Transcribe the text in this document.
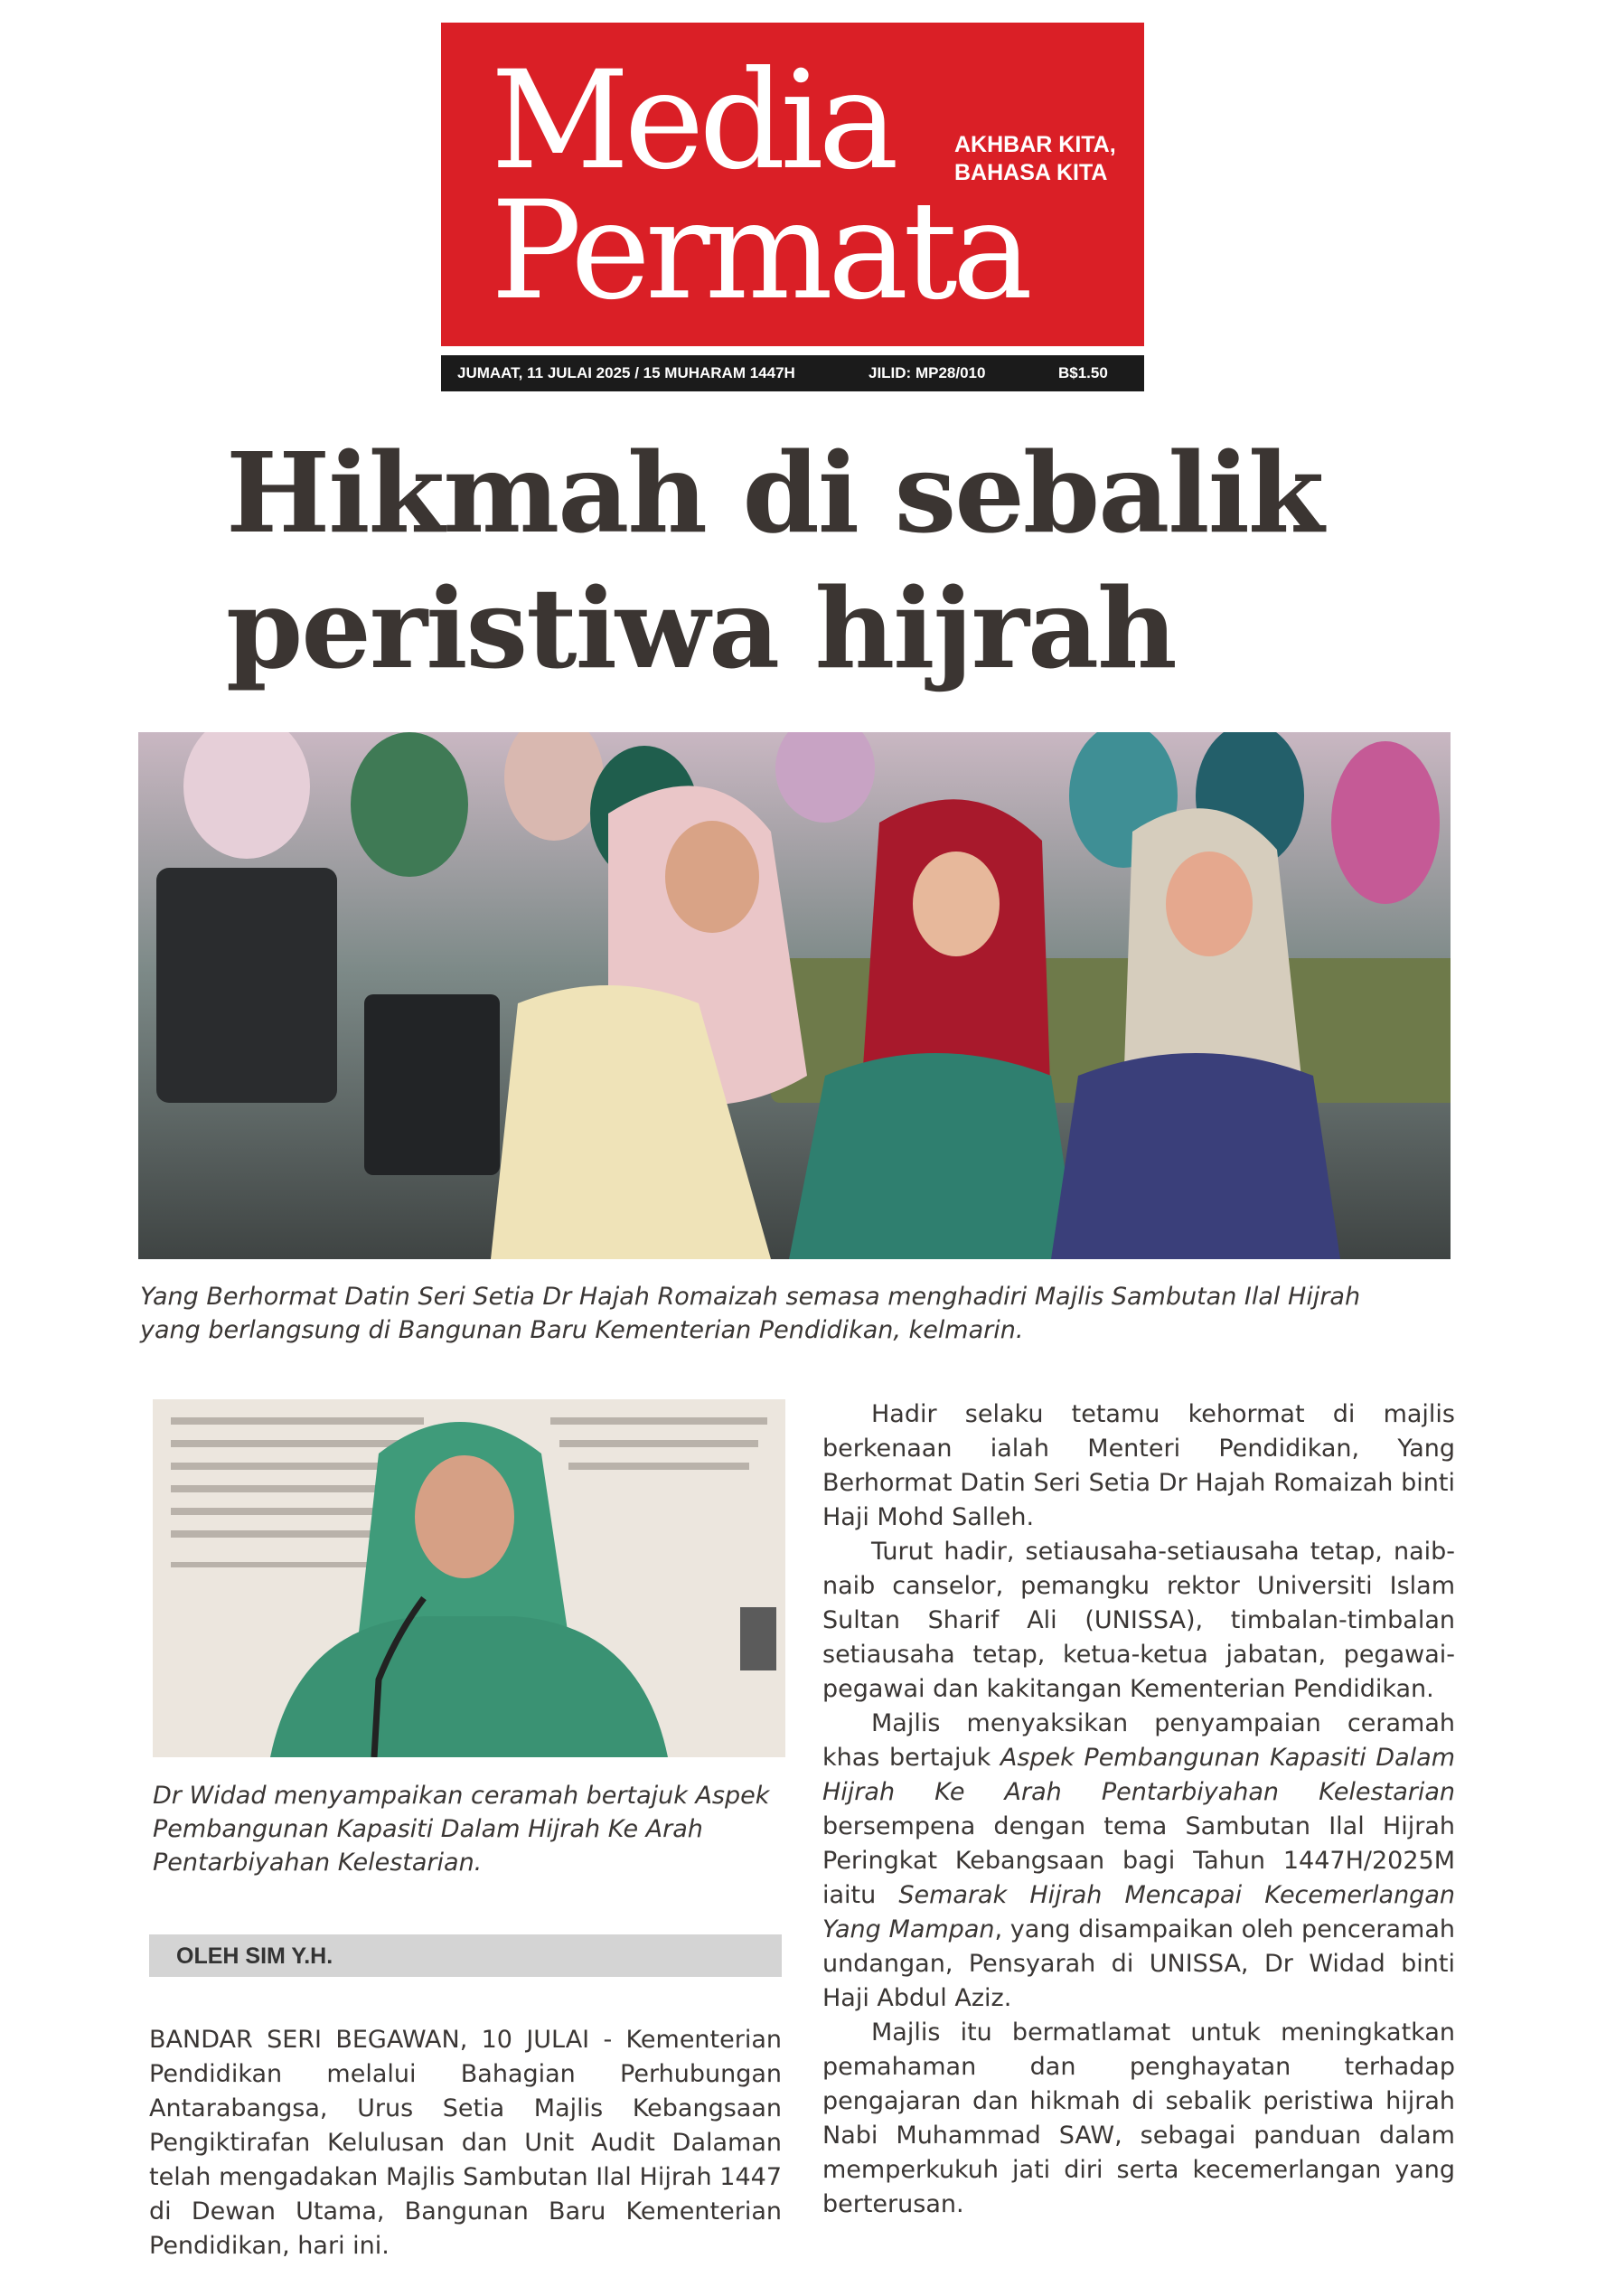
Media
Permata
AKHBAR KITA,
BAHASA KITA
JUMAAT, 11 JULAI 2025 / 15 MUHARAM 1447H	JILID: MP28/010	B$1.50
Hikmah di sebalik
peristiwa hijrah
Yang Berhormat Datin Seri Setia Dr Hajah Romaizah semasa menghadiri Majlis Sambutan Ilal Hijrah
yang berlangsung di Bangunan Baru Kementerian Pendidikan, kelmarin.
Dr Widad menyampaikan ceramah bertajuk Aspek Pembangunan Kapasiti Dalam Hijrah Ke Arah Pentarbiyahan Kelestarian.
OLEH SIM Y.H.

BANDAR SERI BEGAWAN, 10 JULAI - Kementerian Pendidikan melalui Bahagian Perhubungan Antarabangsa, Urus Setia Majlis Kebangsaan Pengiktirafan Kelulusan dan Unit Audit Dalaman telah mengadakan Majlis Sambutan Ilal Hijrah 1447 di Dewan Utama, Bangunan Baru Kementerian Pendidikan, hari ini.

Hadir selaku tetamu kehormat di majlis berkenaan ialah Menteri Pendidikan, Yang Berhormat Datin Seri Setia Dr Hajah Romaizah binti Haji Mohd Salleh.

Turut hadir, setiausaha-setiausaha tetap, naib-naib canselor, pemangku rektor Universiti Islam Sultan Sharif Ali (UNISSA), timbalan-timbalan setiausaha tetap, ketua-ketua jabatan, pegawai-pegawai dan kakitangan Kementerian Pendidikan.

Majlis menyaksikan penyampaian ceramah khas bertajuk Aspek Pembangunan Kapasiti Dalam Hijrah Ke Arah Pentarbiyahan Kelestarian bersempena dengan tema Sambutan Ilal Hijrah Peringkat Kebangsaan bagi Tahun 1447H/2025M iaitu Semarak Hijrah Mencapai Kecemerlangan Yang Mampan, yang disampaikan oleh penceramah undangan, Pensyarah di UNISSA, Dr Widad binti Haji Abdul Aziz.

Majlis itu bermatlamat untuk meningkatkan pemahaman dan penghayatan terhadap pengajaran dan hikmah di sebalik peristiwa hijrah Nabi Muhammad SAW, sebagai panduan dalam memperkukuh jati diri serta kecemerlangan yang berterusan.
